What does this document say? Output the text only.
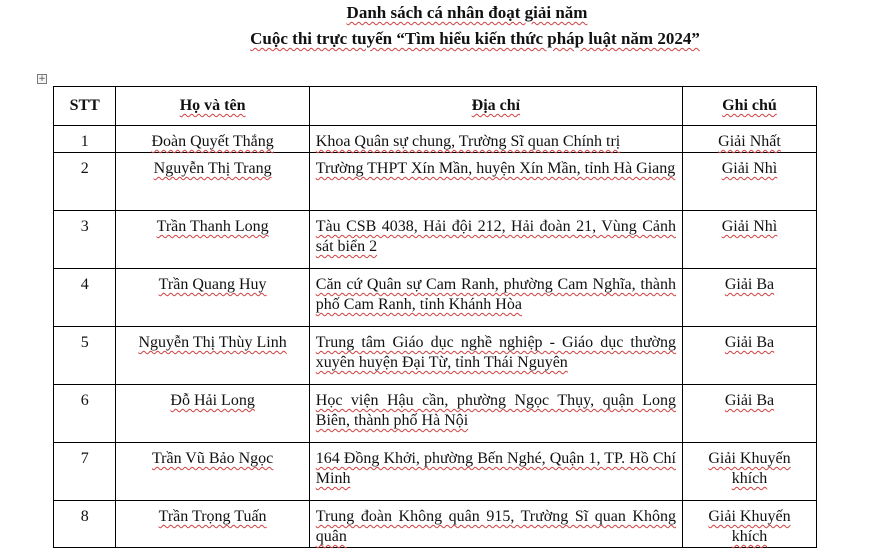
Danh sách cá nhân đoạt giải năm

Cuộc thi trực tuyến “Tìm hiểu kiến thức pháp luật năm 2024”

+
STT	Họ và tên	Địa chỉ	Ghi chú
1	Đoàn Quyết Thắng	Khoa Quân sự chung, Trường Sĩ quan Chính trị	Giải Nhất
2	Nguyễn Thị Trang	Trường THPT Xín Mần, huyện Xín Mần, tỉnh Hà Giang	Giải Nhì
3	Trần Thanh Long	Tàu CSB 4038, Hải đội 212, Hải đoàn 21, Vùng Cảnh sát biển 2	Giải Nhì
4	Trần Quang Huy	Căn cứ Quân sự Cam Ranh, phường Cam Nghĩa, thành phố Cam Ranh, tỉnh Khánh Hòa	Giải Ba
5	Nguyễn Thị Thùy Linh	Trung tâm Giáo dục nghề nghiệp - Giáo dục thường xuyên huyện Đại Từ, tỉnh Thái Nguyên	Giải Ba
6	Đỗ Hải Long	Học viện Hậu cần, phường Ngọc Thụy, quận Long Biên, thành phố Hà Nội	Giải Ba
7	Trần Vũ Bảo Ngọc	164 Đồng Khởi, phường Bến Nghé, Quận 1, TP. Hồ Chí Minh	Giải Khuyến khích
8	Trần Trọng Tuấn	Trung đoàn Không quân 915, Trường Sĩ quan Không quân	Giải Khuyến khích
